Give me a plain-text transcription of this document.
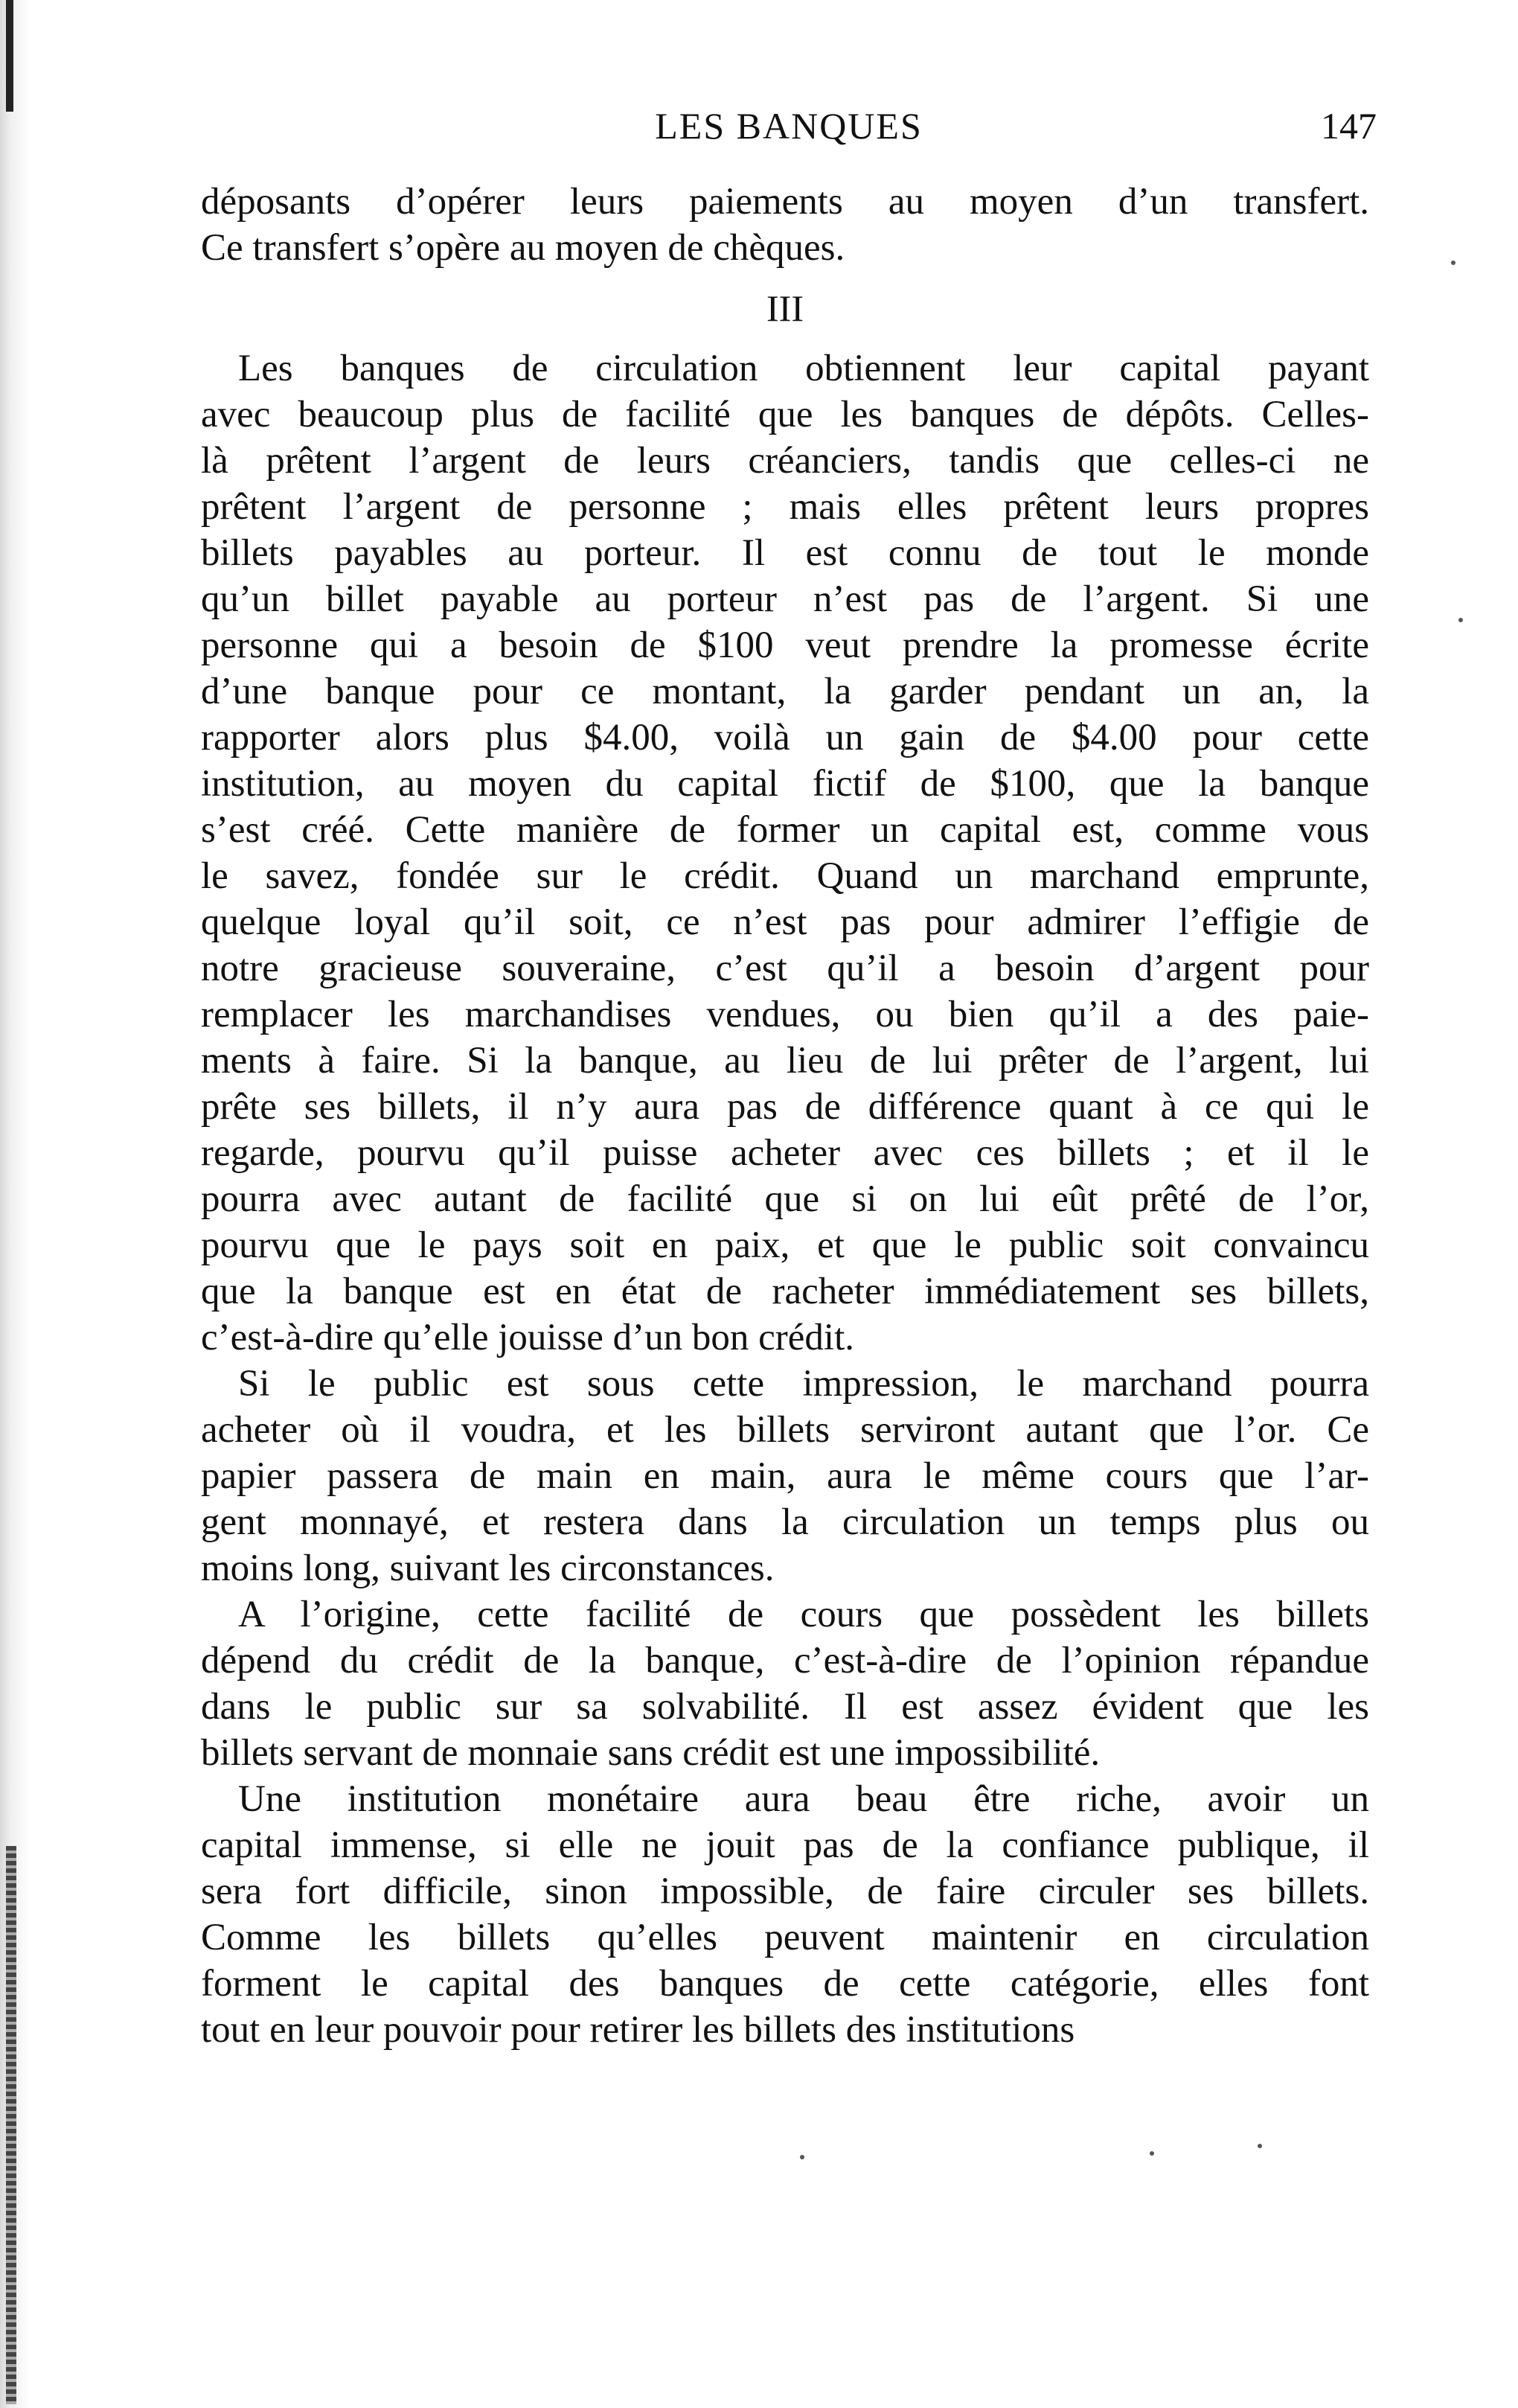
LES BANQUES	147
déposants d’opérer leurs paiements au moyen d’un transfert.
Ce transfert s’opère au moyen de chèques.
III
Les banques de circulation obtiennent leur capital payant
avec beaucoup plus de facilité que les banques de dépôts. Celles-
là prêtent l’argent de leurs créanciers, tandis que celles-ci ne
prêtent l’argent de personne ; mais elles prêtent leurs propres
billets payables au porteur. Il est connu de tout le monde
qu’un billet payable au porteur n’est pas de l’argent. Si une
personne qui a besoin de $100 veut prendre la promesse écrite
d’une banque pour ce montant, la garder pendant un an, la
rapporter alors plus $4.00, voilà un gain de $4.00 pour cette
institution, au moyen du capital fictif de $100, que la banque
s’est créé. Cette manière de former un capital est, comme vous
le savez, fondée sur le crédit. Quand un marchand emprunte,
quelque loyal qu’il soit, ce n’est pas pour admirer l’effigie de
notre gracieuse souveraine, c’est qu’il a besoin d’argent pour
remplacer les marchandises vendues, ou bien qu’il a des paie-
ments à faire. Si la banque, au lieu de lui prêter de l’argent, lui
prête ses billets, il n’y aura pas de différence quant à ce qui le
regarde, pourvu qu’il puisse acheter avec ces billets ; et il le
pourra avec autant de facilité que si on lui eût prêté de l’or,
pourvu que le pays soit en paix, et que le public soit convaincu
que la banque est en état de racheter immédiatement ses billets,
c’est-à-dire qu’elle jouisse d’un bon crédit.
Si le public est sous cette impression, le marchand pourra
acheter où il voudra, et les billets serviront autant que l’or. Ce
papier passera de main en main, aura le même cours que l’ar-
gent monnayé, et restera dans la circulation un temps plus ou
moins long, suivant les circonstances.
A l’origine, cette facilité de cours que possèdent les billets
dépend du crédit de la banque, c’est-à-dire de l’opinion répandue
dans le public sur sa solvabilité. Il est assez évident que les
billets servant de monnaie sans crédit est une impossibilité.
Une institution monétaire aura beau être riche, avoir un
capital immense, si elle ne jouit pas de la confiance publique, il
sera fort difficile, sinon impossible, de faire circuler ses billets.
Comme les billets qu’elles peuvent maintenir en circulation
forment le capital des banques de cette catégorie, elles font
tout en leur pouvoir pour retirer les billets des institutions
